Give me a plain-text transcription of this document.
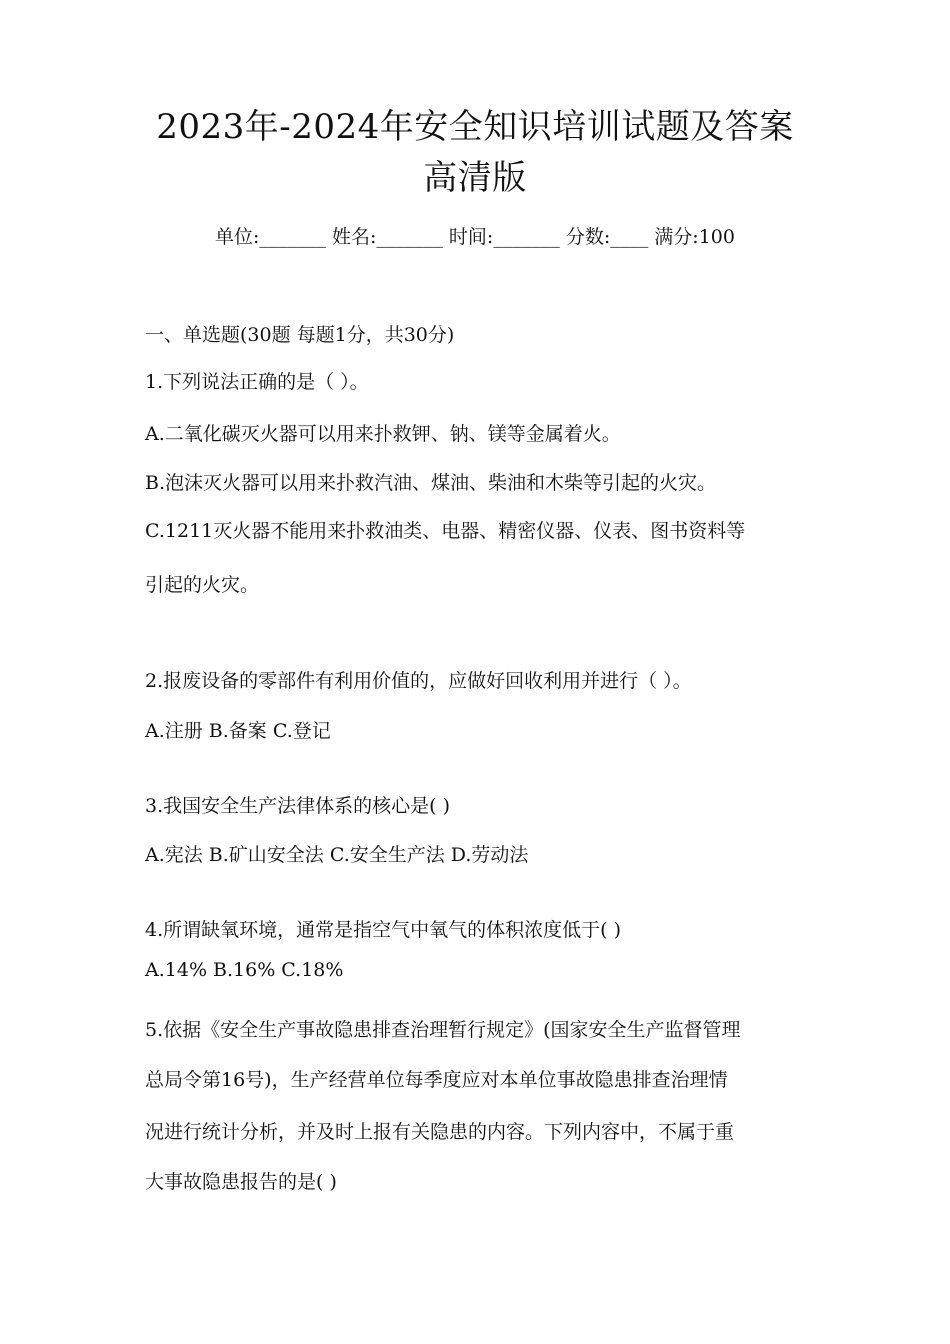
2023年-2024年安全知识培训试题及答案
高清版
单位:_______ 姓名:_______ 时间:_______ 分数:____ 满分:100
一、单选题(30题 每题1分，共30分)
1.下列说法正确的是（ ）。
A.二氧化碳灭火器可以用来扑救钾、钠、镁等金属着火。
B.泡沫灭火器可以用来扑救汽油、煤油、柴油和木柴等引起的火灾。
C.1211灭火器不能用来扑救油类、电器、精密仪器、仪表、图书资料等
引起的火灾。
2.报废设备的零部件有利用价值的，应做好回收利用并进行（ ）。
A.注册 B.备案 C.登记
3.我国安全生产法律体系的核心是( )
A.宪法 B.矿山安全法 C.安全生产法 D.劳动法
4.所谓缺氧环境，通常是指空气中氧气的体积浓度低于( )
A.14% B.16% C.18%
5.依据《安全生产事故隐患排查治理暂行规定》(国家安全生产监督管理
总局令第16号)，生产经营单位每季度应对本单位事故隐患排查治理情
况进行统计分析，并及时上报有关隐患的内容。下列内容中，不属于重
大事故隐患报告的是( )
